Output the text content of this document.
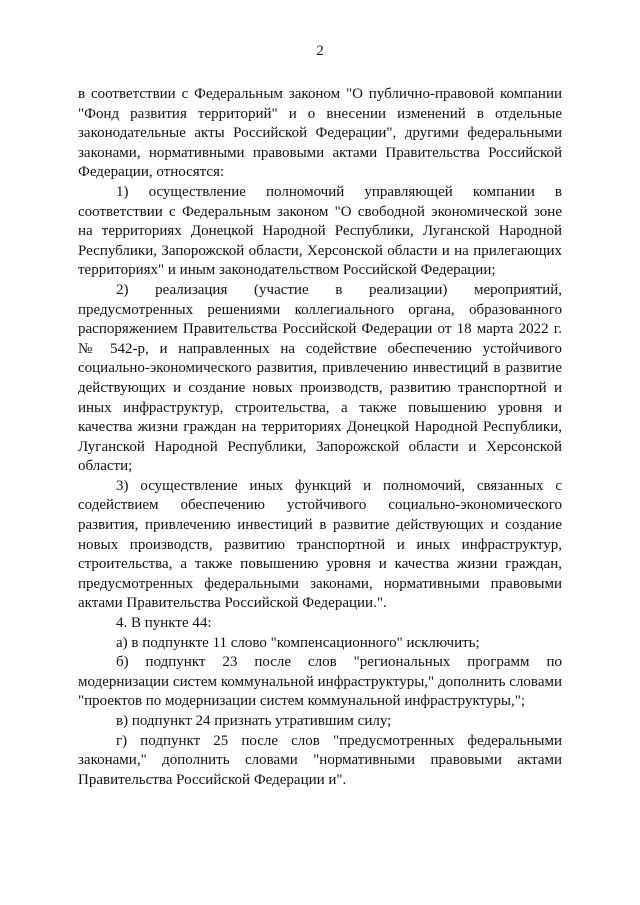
2

в соответствии с Федеральным законом "О публично-правовой компании "Фонд развития территорий" и о внесении изменений в отдельные законодательные акты Российской Федерации", другими федеральными законами, нормативными правовыми актами Правительства Российской Федерации, относятся:

1) осуществление полномочий управляющей компании в соответствии с Федеральным законом "О свободной экономической зоне на территориях Донецкой Народной Республики, Луганской Народной Республики, Запорожской области, Херсонской области и на прилегающих территориях" и иным законодательством Российской Федерации;

2) реализация (участие в реализации) мероприятий, предусмотренных решениями коллегиального органа, образованного распоряжением Правительства Российской Федерации от 18 марта 2022 г. № 542-р, и направленных на содействие обеспечению устойчивого социально-экономического развития, привлечению инвестиций в развитие действующих и создание новых производств, развитию транспортной и иных инфраструктур, строительства, а также повышению уровня и качества жизни граждан на территориях Донецкой Народной Республики, Луганской Народной Республики, Запорожской области и Херсонской области;

3) осуществление иных функций и полномочий, связанных с содействием обеспечению устойчивого социально-экономического развития, привлечению инвестиций в развитие действующих и создание новых производств, развитию транспортной и иных инфраструктур, строительства, а также повышению уровня и качества жизни граждан, предусмотренных федеральными законами, нормативными правовыми актами Правительства Российской Федерации.".

4. В пункте 44:

а) в подпункте 11 слово "компенсационного" исключить;

б) подпункт 23 после слов "региональных программ по модернизации систем коммунальной инфраструктуры," дополнить словами "проектов по модернизации систем коммунальной инфраструктуры,";

в) подпункт 24 признать утратившим силу;

г) подпункт 25 после слов "предусмотренных федеральными законами," дополнить словами "нормативными правовыми актами Правительства Российской Федерации и".
